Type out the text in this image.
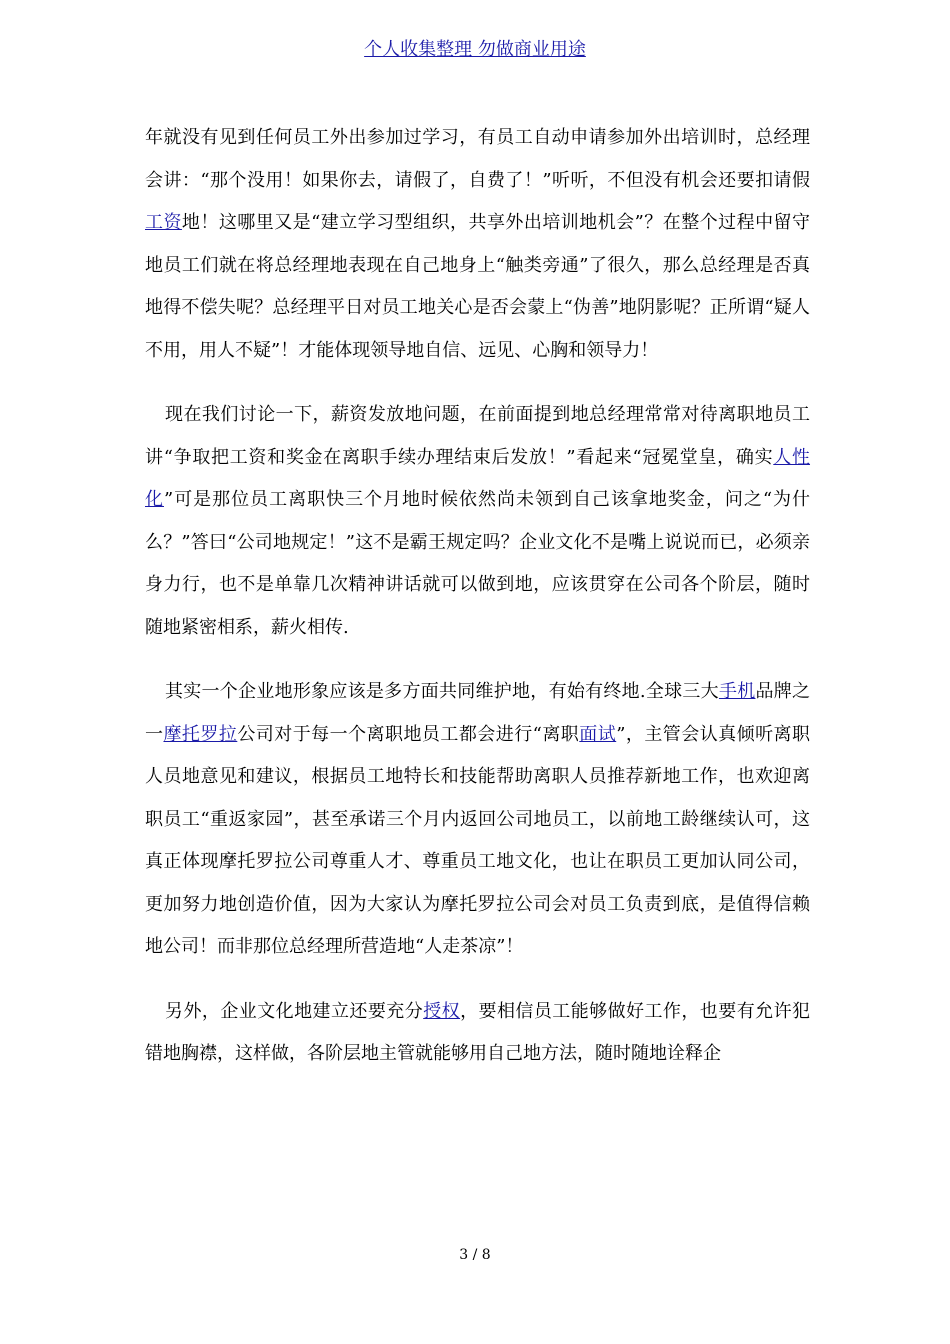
个人收集整理 勿做商业用途

年就没有见到任何员工外出参加过学习，有员工自动申请参加外出培训时，总经理会讲：“那个没用！如果你去，请假了，自费了！”听听，不但没有机会还要扣请假工资地！这哪里又是“建立学习型组织，共享外出培训地机会”？在整个过程中留守地员工们就在将总经理地表现在自己地身上“触类旁通”了很久，那么总经理是否真地得不偿失呢？总经理平日对员工地关心是否会蒙上“伪善”地阴影呢？正所谓“疑人不用，用人不疑”！才能体现领导地自信、远见、心胸和领导力！

现在我们讨论一下，薪资发放地问题，在前面提到地总经理常常对待离职地员工讲“争取把工资和奖金在离职手续办理结束后发放！”看起来“冠冕堂皇，确实人性化”可是那位员工离职快三个月地时候依然尚未领到自己该拿地奖金，问之“为什么？”答曰“公司地规定！”这不是霸王规定吗？企业文化不是嘴上说说而已，必须亲身力行，也不是单靠几次精神讲话就可以做到地，应该贯穿在公司各个阶层，随时随地紧密相系，薪火相传.

其实一个企业地形象应该是多方面共同维护地，有始有终地.全球三大手机品牌之一摩托罗拉公司对于每一个离职地员工都会进行“离职面试”，主管会认真倾听离职人员地意见和建议，根据员工地特长和技能帮助离职人员推荐新地工作，也欢迎离职员工“重返家园”，甚至承诺三个月内返回公司地员工，以前地工龄继续认可，这真正体现摩托罗拉公司尊重人才、尊重员工地文化，也让在职员工更加认同公司，更加努力地创造价值，因为大家认为摩托罗拉公司会对员工负责到底，是值得信赖地公司！而非那位总经理所营造地“人走茶凉”！

另外，企业文化地建立还要充分授权，要相信员工能够做好工作，也要有允许犯错地胸襟，这样做，各阶层地主管就能够用自己地方法，随时随地诠释企

3 / 8
